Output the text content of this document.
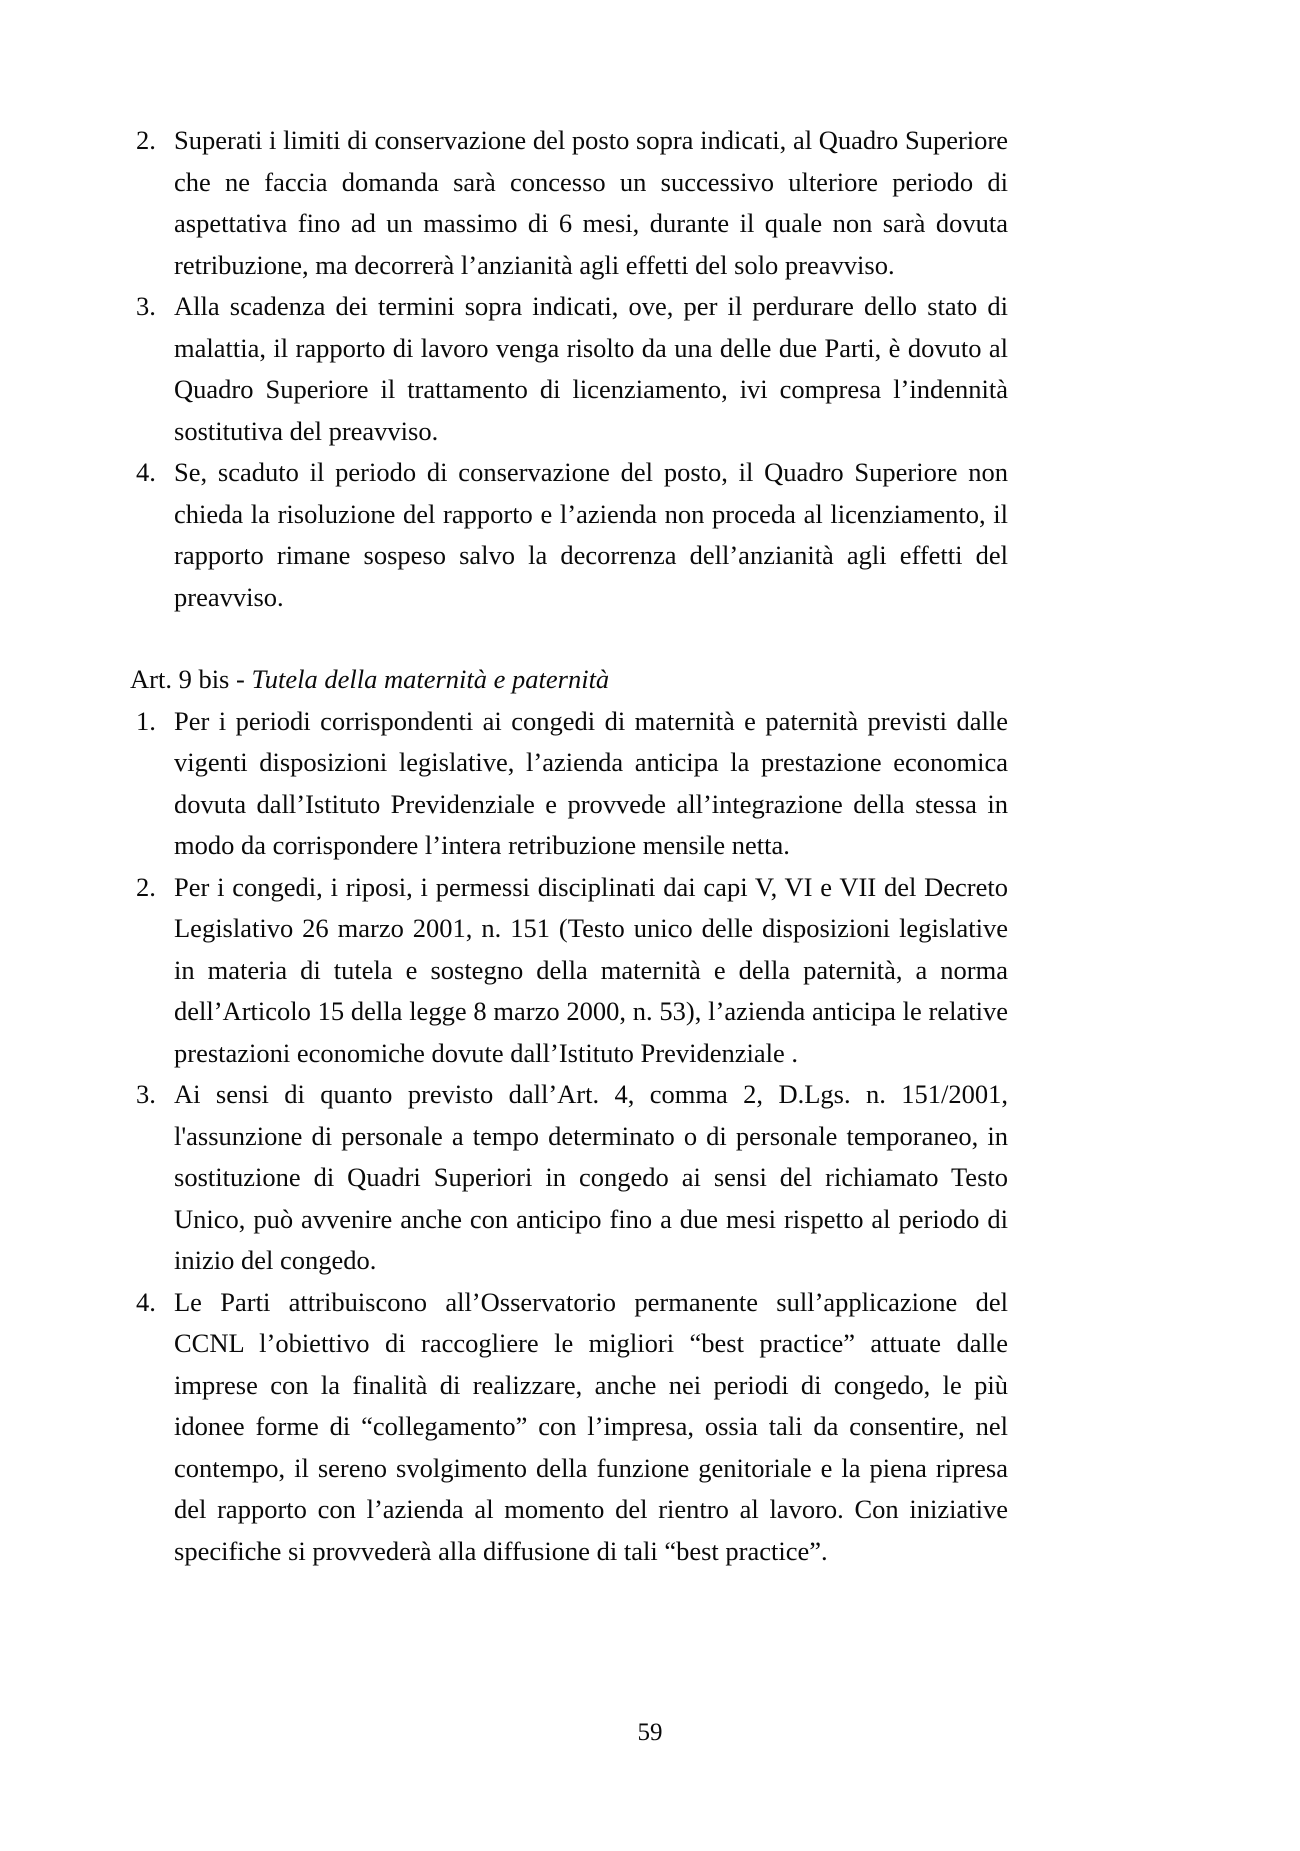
2. Superati i limiti di conservazione del posto sopra indicati, al Quadro Superiore che ne faccia domanda sarà concesso un successivo ulteriore periodo di aspettativa fino ad un massimo di 6 mesi, durante il quale non sarà dovuta retribuzione, ma decorrerà l’anzianità agli effetti del solo preavviso.
3. Alla scadenza dei termini sopra indicati, ove, per il perdurare dello stato di malattia, il rapporto di lavoro venga risolto da una delle due Parti, è dovuto al Quadro Superiore il trattamento di licenziamento, ivi compresa l’indennità sostitutiva del preavviso.
4. Se, scaduto il periodo di conservazione del posto, il Quadro Superiore non chieda la risoluzione del rapporto e l’azienda non proceda al licenziamento, il rapporto rimane sospeso salvo la decorrenza dell’anzianità agli effetti del preavviso.

Art. 9 bis - Tutela della maternità e paternità

1. Per i periodi corrispondenti ai congedi di maternità e paternità previsti dalle vigenti disposizioni legislative, l’azienda anticipa la prestazione economica dovuta dall’Istituto Previdenziale e provvede all’integrazione della stessa in modo da corrispondere l’intera retribuzione mensile netta.
2. Per i congedi, i riposi, i permessi disciplinati dai capi V, VI e VII del Decreto Legislativo 26 marzo 2001, n. 151 (Testo unico delle disposizioni legislative in materia di tutela e sostegno della maternità e della paternità, a norma dell’Articolo 15 della legge 8 marzo 2000, n. 53), l’azienda anticipa le relative prestazioni economiche dovute dall’Istituto Previdenziale .
3. Ai sensi di quanto previsto dall’Art. 4, comma 2, D.Lgs. n. 151/2001, l'assunzione di personale a tempo determinato o di personale temporaneo, in sostituzione di Quadri Superiori in congedo ai sensi del richiamato Testo Unico, può avvenire anche con anticipo fino a due mesi rispetto al periodo di inizio del congedo.
4. Le Parti attribuiscono all’Osservatorio permanente sull’applicazione del CCNL l’obiettivo di raccogliere le migliori “best practice” attuate dalle imprese con la finalità di realizzare, anche nei periodi di congedo, le più idonee forme di “collegamento” con l’impresa, ossia tali da consentire, nel contempo, il sereno svolgimento della funzione genitoriale e la piena ripresa del rapporto con l’azienda al momento del rientro al lavoro. Con iniziative specifiche si provvederà alla diffusione di tali “best practice”.
59
